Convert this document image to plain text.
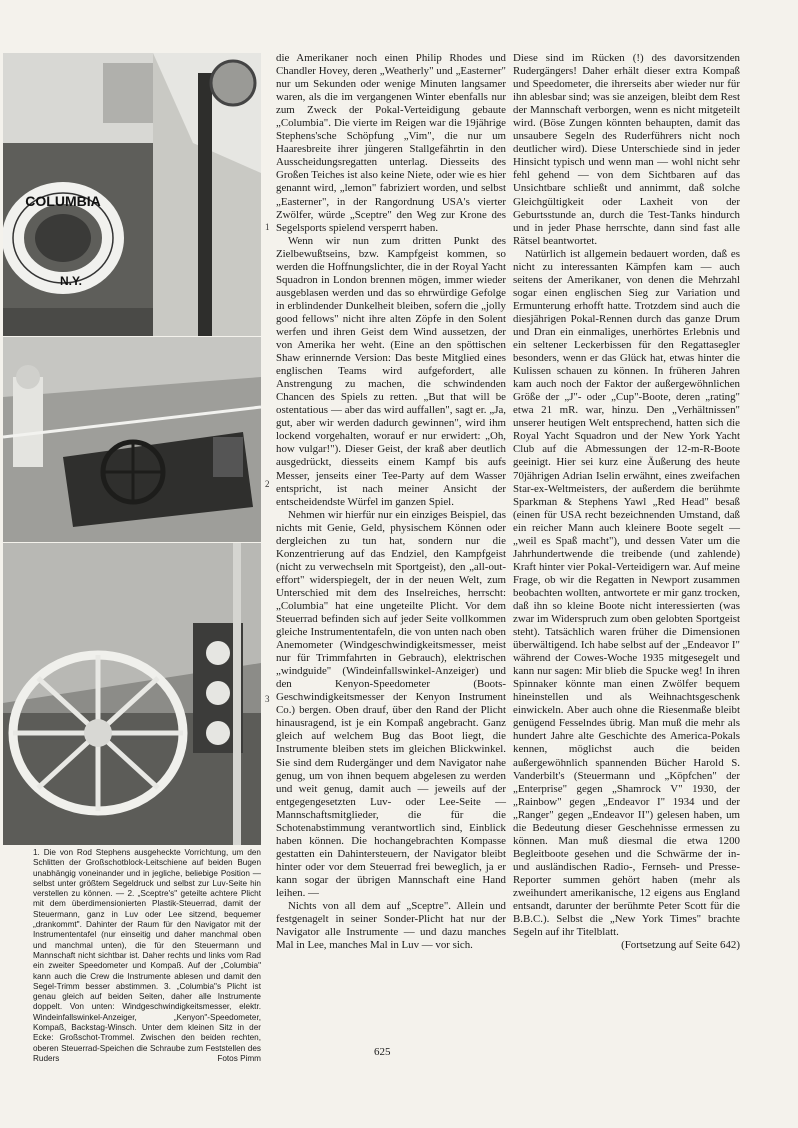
COLUMBIA
N.Y.
1
2
3

1. Die von Rod Stephens ausgeheckte Vorrichtung, um den Schlitten der Großschotblock-Leitschiene auf beiden Bugen unabhängig voneinander und in jegliche, beliebige Position — selbst unter größtem Segeldruck und selbst zur Luv-Seite hin verstellen zu können. — 2. „Sceptre's" geteilte achtere Plicht mit dem überdimensionierten Plastik-Steuerrad, damit der Steuermann, ganz in Luv oder Lee sitzend, bequemer „drankommt". Dahinter der Raum für den Navigator mit der Instrumententafel (nur einseitig und daher manchmal oben und manchmal unten), die für den Steuermann und Mannschaft nicht sichtbar ist. Daher rechts und links vom Rad ein zweiter Speedometer und Kompaß. Auf der „Columbia" kann auch die Crew die Instrumente ablesen und damit den Segel-Trimm besser abstimmen. 3. „Columbia"s Plicht ist genau gleich auf beiden Seiten, daher alle Instrumente doppelt. Von unten: Windgeschwindigkeitsmesser, elektr. Windeinfallswinkel-Anzeiger, „Kenyon"-Speedometer, Kompaß, Backstag-Winsch. Unter dem kleinen Sitz in der Ecke: Großschot-Trommel. Zwischen den beiden rechten, oberen Steuerrad-Speichen die Schraube zum Feststellen des Ruders	Fotos Pimm

die Amerikaner noch einen Philip Rhodes und Chandler Hovey, deren „Weatherly" und „Easterner" nur um Sekunden oder wenige Minuten langsamer waren, als die im vergangenen Winter ebenfalls nur zum Zweck der Pokal-Verteidigung gebaute „Columbia". Die vierte im Reigen war die 19jährige Stephens'sche Schöpfung „Vim", die nur um Haaresbreite ihrer jüngeren Stallgefährtin in den Ausscheidungsregatten unterlag. Diesseits des Großen Teiches ist also keine Niete, oder wie es hier genannt wird, „lemon" fabriziert worden, und selbst „Easterner", in der Rangordnung USA's vierter Zwölfer, würde „Sceptre" den Weg zur Krone des Segelsports spielend versperrt haben.

Wenn wir nun zum dritten Punkt des Zielbewußtseins, bzw. Kampfgeist kommen, so werden die Hoffnungslichter, die in der Royal Yacht Squadron in London brennen mögen, immer wieder ausgeblasen werden und das so ehrwürdige Gefolge in erblindender Dunkelheit bleiben, sofern die „jolly good fellows" nicht ihre alten Zöpfe in den Solent werfen und ihren Geist dem Wind aussetzen, der von Amerika her weht. (Eine an den spöttischen Shaw erinnernde Version: Das beste Mitglied eines englischen Teams wird aufgefordert, alle Anstrengung zu machen, die schwindenden Chancen des Spiels zu retten. „But that will be ostentatious — aber das wird auffallen", sagt er. „Ja, gut, aber wir werden dadurch gewinnen", wird ihm lockend vorgehalten, worauf er nur erwidert: „Oh, how vulgar!"). Dieser Geist, der kraß aber deutlich ausgedrückt, diesseits einem Kampf bis aufs Messer, jenseits einer Tee-Party auf dem Wasser entspricht, ist nach meiner Ansicht der entscheidendste Würfel im ganzen Spiel.

Nehmen wir hierfür nur ein einziges Beispiel, das nichts mit Genie, Geld, physischem Können oder dergleichen zu tun hat, sondern nur die Konzentrierung auf das Endziel, den Kampfgeist (nicht zu verwechseln mit Sportgeist), den „all-out-effort" widerspiegelt, der in der neuen Welt, zum Unterschied mit dem des Inselreiches, herrscht: „Columbia" hat eine ungeteilte Plicht. Vor dem Steuerrad befinden sich auf jeder Seite vollkommen gleiche Instrumententafeln, die von unten nach oben Anemometer (Windgeschwindigkeitsmesser, meist nur für Trimmfahrten in Gebrauch), elektrischen „windguide" (Windeinfallswinkel-Anzeiger) und den Kenyon-Speedometer (Boots-Geschwindigkeitsmesser der Kenyon Instrument Co.) bergen. Oben drauf, über den Rand der Plicht hinausragend, ist je ein Kompaß angebracht. Ganz gleich auf welchem Bug das Boot liegt, die Instrumente bleiben stets im gleichen Blickwinkel. Sie sind dem Rudergänger und dem Navigator nahe genug, um von ihnen bequem abgelesen zu werden und weit genug, damit auch — jeweils auf der entgegengesetzten Luv- oder Lee-Seite — Mannschaftsmitglieder, die für die Schotenabstimmung verantwortlich sind, Einblick haben können. Die hochangebrachten Kompasse gestatten ein Dahintersteuern, der Navigator bleibt hinter oder vor dem Steuerrad frei beweglich, ja er kann sogar der übrigen Mannschaft eine Hand leihen. —

Nichts von all dem auf „Sceptre". Allein und festgenagelt in seiner Sonder-Plicht hat nur der Navigator alle Instrumente — und dazu manches Mal in Lee, manches Mal in Luv — vor sich.

Diese sind im Rücken (!) des davorsitzenden Rudergängers! Daher erhält dieser extra Kompaß und Speedometer, die ihrerseits aber wieder nur für ihn ablesbar sind; was sie anzeigen, bleibt dem Rest der Mannschaft verborgen, wenn es nicht mitgeteilt wird. (Böse Zungen könnten behaupten, damit das unsaubere Segeln des Ruderführers nicht noch deutlicher wird). Diese Unterschiede sind in jeder Hinsicht typisch und wenn man — wohl nicht sehr fehl gehend — von dem Sichtbaren auf das Unsichtbare schließt und annimmt, daß solche Gleichgültigkeit oder Laxheit von der Geburtsstunde an, durch die Test-Tanks hindurch und in jeder Phase herrschte, dann sind fast alle Rätsel beantwortet.

Natürlich ist allgemein bedauert worden, daß es nicht zu interessanten Kämpfen kam — auch seitens der Amerikaner, von denen die Mehrzahl sogar einen englischen Sieg zur Variation und Ermunterung erhofft hatte. Trotzdem sind auch die diesjährigen Pokal-Rennen durch das ganze Drum und Dran ein einmaliges, unerhörtes Erlebnis und ein seltener Leckerbissen für den Regattasegler besonders, wenn er das Glück hat, etwas hinter die Kulissen schauen zu können. In früheren Jahren kam auch noch der Faktor der außergewöhnlichen Größe der „J"- oder „Cup"-Boote, deren „rating" etwa 21 mR. war, hinzu. Den „Verhältnissen" unserer heutigen Welt entsprechend, hatten sich die Royal Yacht Squadron und der New York Yacht Club auf die Abmessungen der 12-m-R-Boote geeinigt. Hier sei kurz eine Äußerung des heute 70jährigen Adrian Iselin erwähnt, eines zweifachen Star-ex-Weltmeisters, der außerdem die berühmte Sparkman & Stephens Yawl „Red Head" besaß (einen für USA recht bezeichnenden Umstand, daß ein reicher Mann auch kleinere Boote segelt — „weil es Spaß macht"), und dessen Vater um die Jahrhundertwende die treibende (und zahlende) Kraft hinter vier Pokal-Verteidigern war. Auf meine Frage, ob wir die Regatten in Newport zusammen beobachten wollten, antwortete er mir ganz trocken, daß ihn so kleine Boote nicht interessierten (was zwar im Widerspruch zum oben gelobten Sportgeist steht). Tatsächlich waren früher die Dimensionen überwältigend. Ich habe selbst auf der „Endeavor I" während der Cowes-Woche 1935 mitgesegelt und kann nur sagen: Mir blieb die Spucke weg! In ihren Spinnaker könnte man einen Zwölfer bequem hineinstellen und als Weihnachtsgeschenk einwickeln. Aber auch ohne die Riesenmaße bleibt genügend Fesselndes übrig. Man muß die mehr als hundert Jahre alte Geschichte des America-Pokals kennen, möglichst auch die beiden außergewöhnlich spannenden Bücher Harold S. Vanderbilt's (Steuermann und „Köpfchen" der „Enterprise" gegen „Shamrock V" 1930, der „Rainbow" gegen „Endeavor I" 1934 und der „Ranger" gegen „Endeavor II") gelesen haben, um die Bedeutung dieser Geschehnisse ermessen zu können. Man muß diesmal die etwa 1200 Begleitboote gesehen und die Schwärme der in- und ausländischen Radio-, Fernseh- und Presse-Reporter summen gehört haben (mehr als zweihundert amerikanische, 12 eigens aus England entsandt, darunter der berühmte Peter Scott für die B.B.C.). Selbst die „New York Times" brachte Segeln auf ihr Titelblatt.

(Fortsetzung auf Seite 642)

625
